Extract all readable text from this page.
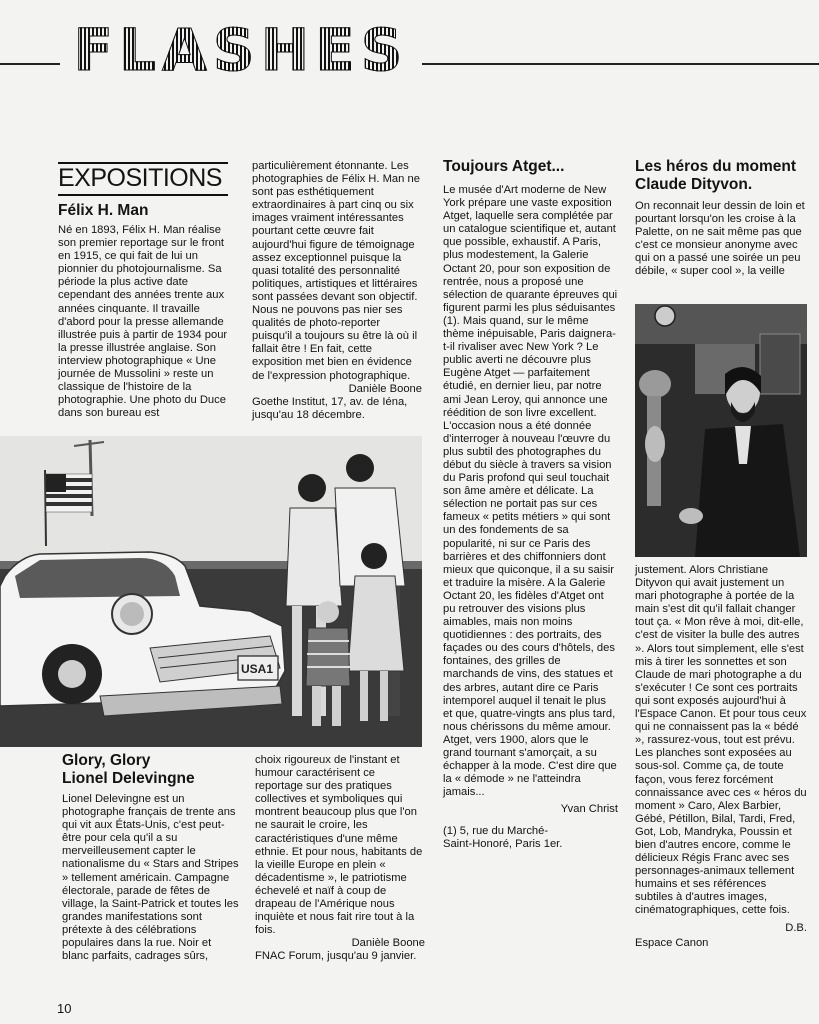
FLASHES
EXPOSITIONS

Félix H. Man

Né en 1893, Félix H. Man réalise son premier reportage sur le front en 1915, ce qui fait de lui un pionnier du photojournalisme. Sa période la plus active date cependant des années trente aux années cinquante. Il travaille d'abord pour la presse allemande illustrée puis à partir de 1934 pour la presse illustrée anglaise. Son interview photographique « Une journée de Mussolini » reste un classique de l'histoire de la photographie. Une photo du Duce dans son bureau est

particulièrement étonnante. Les photographies de Félix H. Man ne sont pas esthétiquement extraordinaires à part cinq ou six images vraiment intéressantes pourtant cette œuvre fait aujourd'hui figure de témoignage assez exceptionnel puisque la quasi totalité des personnalité politiques, artistiques et littéraires sont passées devant son objectif. Nous ne pouvons pas nier ses qualités de photo-reporter puisqu'il a toujours su être là où il fallait être ! En fait, cette exposition met bien en évidence de l'expression photographique.

Danièle Boone

Goethe Institut, 17, av. de Iéna, jusqu'au 18 décembre.

USA1

Glory, Glory

Lionel Delevingne

Lionel Delevingne est un photographe français de trente ans qui vit aux États-Unis, c'est peut-être pour cela qu'il a su merveilleusement capter le nationalisme du « Stars and Stripes » tellement américain. Campagne électorale, parade de fêtes de village, la Saint-Patrick et toutes les grandes manifestations sont prétexte à des célébrations populaires dans la rue. Noir et blanc parfaits, cadrages sûrs,

choix rigoureux de l'instant et humour caractérisent ce reportage sur des pratiques collectives et symboliques qui montrent beaucoup plus que l'on ne saurait le croire, les caractéristiques d'une même ethnie. Et pour nous, habitants de la vieille Europe en plein « décadentisme », le patriotisme échevelé et naïf à coup de drapeau de l'Amérique nous inquiète et nous fait rire tout à la fois.

Danièle Boone

FNAC Forum, jusqu'au 9 janvier.

Toujours Atget...

Le musée d'Art moderne de New York prépare une vaste exposition Atget, laquelle sera complétée par un catalogue scientifique et, autant que possible, exhaustif. A Paris, plus modestement, la Galerie Octant 20, pour son exposition de rentrée, nous a proposé une sélection de quarante épreuves qui figurent parmi les plus séduisantes (1). Mais quand, sur le même thème inépuisable, Paris daignera-t-il rivaliser avec New York ? Le public averti ne découvre plus Eugène Atget — parfaitement étudié, en dernier lieu, par notre ami Jean Leroy, qui annonce une réédition de son livre excellent. L'occasion nous a été donnée d'interroger à nouveau l'œuvre du plus subtil des photographes du début du siècle à travers sa vision du Paris profond qui seul touchait son âme amère et délicate. La sélection ne portait pas sur ces fameux « petits métiers » qui sont un des fondements de sa popularité, ni sur ce Paris des barrières et des chiffonniers dont mieux que quiconque, il a su saisir et traduire la misère. A la Galerie Octant 20, les fidèles d'Atget ont pu retrouver des visions plus aimables, mais non moins quotidiennes : des portraits, des façades ou des cours d'hôtels, des fontaines, des grilles de marchands de vins, des statues et des arbres, autant dire ce Paris intemporel auquel il tenait le plus et que, quatre-vingts ans plus tard, nous chérissons du même amour. Atget, vers 1900, alors que le grand tournant s'amorçait, a su échapper à la mode. C'est dire que la « démode » ne l'atteindra jamais...

Yvan Christ

(1) 5, rue du Marché-Saint-Honoré, Paris 1er.

Les héros du moment Claude Dityvon.

On reconnait leur dessin de loin et pourtant lorsqu'on les croise à la Palette, on ne sait même pas que c'est ce monsieur anonyme avec qui on a passé une soirée un peu débile, « super cool », la veille

justement. Alors Christiane Dityvon qui avait justement un mari photographe à portée de la main s'est dit qu'il fallait changer tout ça. « Mon rêve à moi, dit-elle, c'est de visiter la bulle des autres ». Alors tout simplement, elle s'est mis à tirer les sonnettes et son Claude de mari photographe a du s'exécuter ! Ce sont ces portraits qui sont exposés aujourd'hui à l'Espace Canon. Et pour tous ceux qui ne connaissent pas la « bédé », rassurez-vous, tout est prévu. Les planches sont exposées au sous-sol. Comme ça, de toute façon, vous ferez forcément connaissance avec ces « héros du moment » Caro, Alex Barbier, Gébé, Pétillon, Bilal, Tardi, Fred, Got, Lob, Mandryka, Poussin et bien d'autres encore, comme le délicieux Régis Franc avec ses personnages-animaux tellement humains et ses références subtiles à d'autres images, cinématographiques, cette fois.

D.B.

Espace Canon

10
